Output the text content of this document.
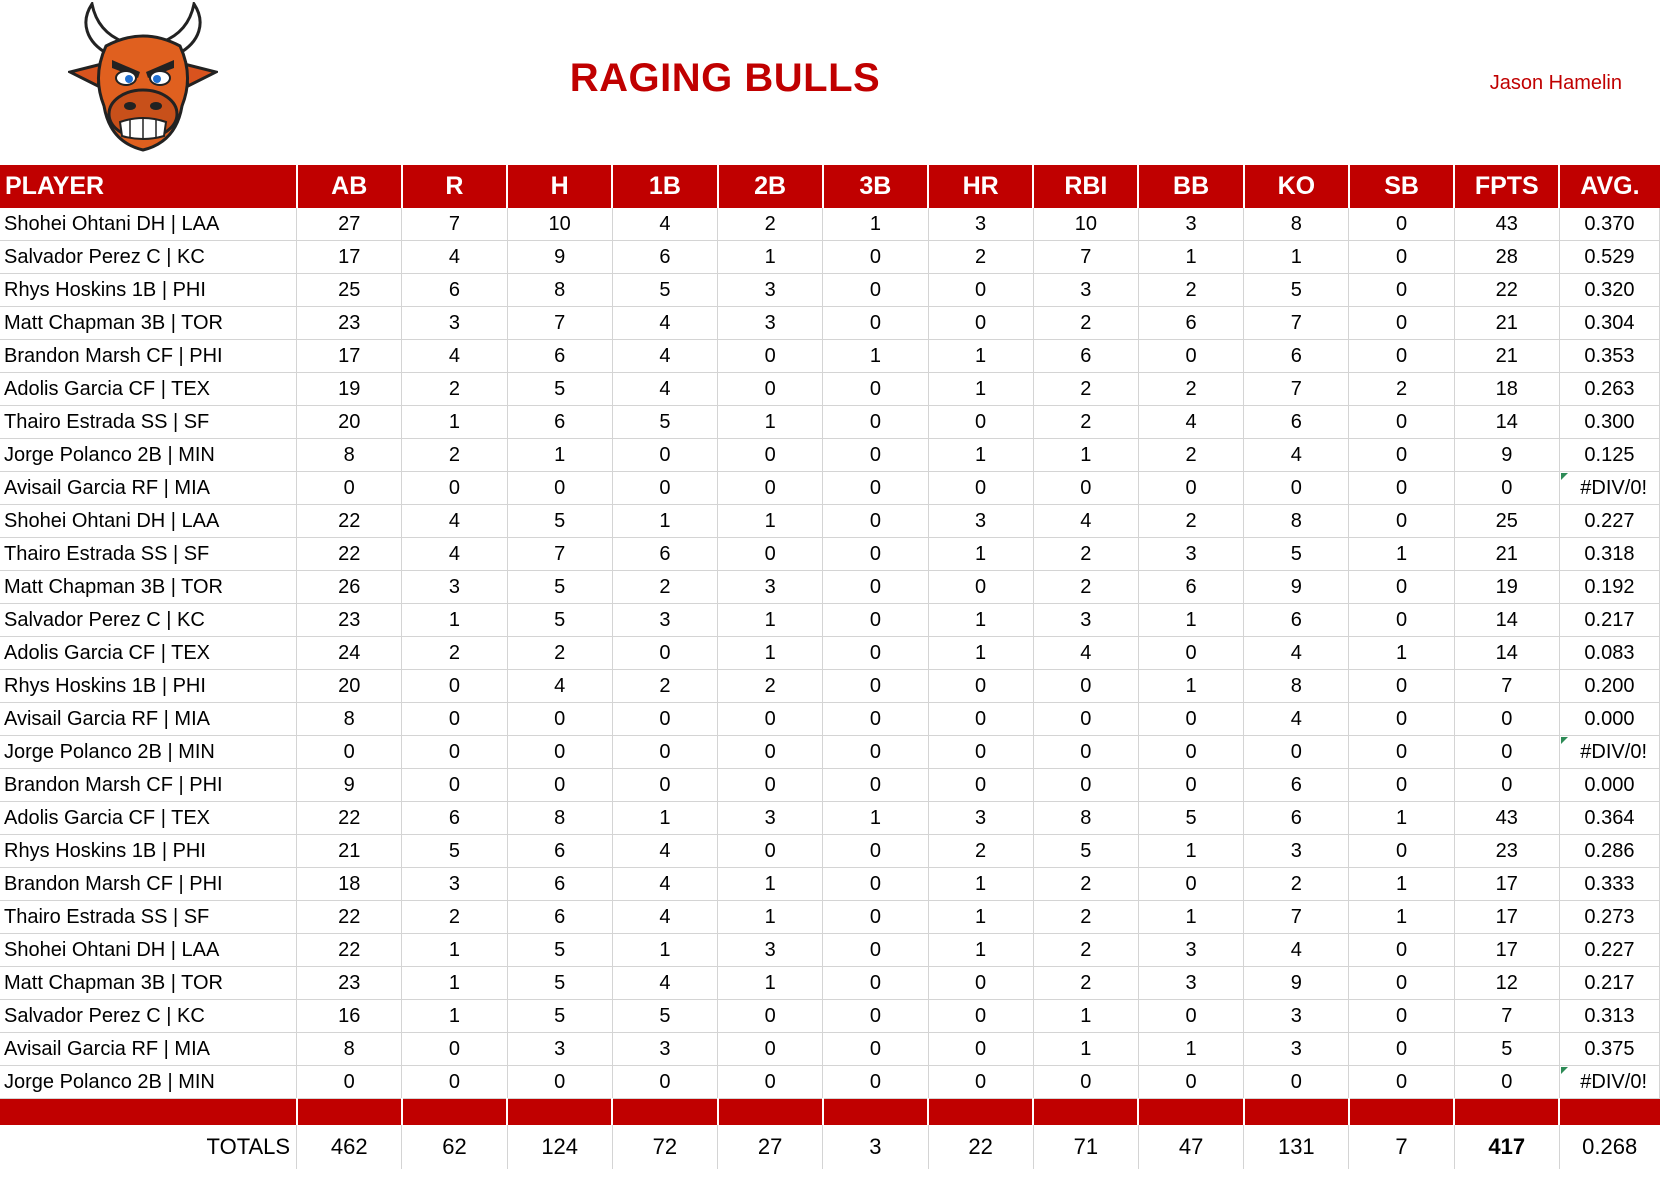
RAGING BULLS	Jason Hamelin
PLAYER	AB	R	H	1B	2B	3B	HR	RBI	BB	KO	SB	FPTS	AVG.
Shohei Ohtani DH | LAA	27	7	10	4	2	1	3	10	3	8	0	43	0.370
Salvador Perez C | KC	17	4	9	6	1	0	2	7	1	1	0	28	0.529
Rhys Hoskins 1B | PHI	25	6	8	5	3	0	0	3	2	5	0	22	0.320
Matt Chapman 3B | TOR	23	3	7	4	3	0	0	2	6	7	0	21	0.304
Brandon Marsh CF | PHI	17	4	6	4	0	1	1	6	0	6	0	21	0.353
Adolis Garcia CF | TEX	19	2	5	4	0	0	1	2	2	7	2	18	0.263
Thairo Estrada SS | SF	20	1	6	5	1	0	0	2	4	6	0	14	0.300
Jorge Polanco 2B | MIN	8	2	1	0	0	0	1	1	2	4	0	9	0.125
Avisail Garcia RF | MIA	0	0	0	0	0	0	0	0	0	0	0	0	#DIV/0!
Shohei Ohtani DH | LAA	22	4	5	1	1	0	3	4	2	8	0	25	0.227
Thairo Estrada SS | SF	22	4	7	6	0	0	1	2	3	5	1	21	0.318
Matt Chapman 3B | TOR	26	3	5	2	3	0	0	2	6	9	0	19	0.192
Salvador Perez C | KC	23	1	5	3	1	0	1	3	1	6	0	14	0.217
Adolis Garcia CF | TEX	24	2	2	0	1	0	1	4	0	4	1	14	0.083
Rhys Hoskins 1B | PHI	20	0	4	2	2	0	0	0	1	8	0	7	0.200
Avisail Garcia RF | MIA	8	0	0	0	0	0	0	0	0	4	0	0	0.000
Jorge Polanco 2B | MIN	0	0	0	0	0	0	0	0	0	0	0	0	#DIV/0!
Brandon Marsh CF | PHI	9	0	0	0	0	0	0	0	0	6	0	0	0.000
Adolis Garcia CF | TEX	22	6	8	1	3	1	3	8	5	6	1	43	0.364
Rhys Hoskins 1B | PHI	21	5	6	4	0	0	2	5	1	3	0	23	0.286
Brandon Marsh CF | PHI	18	3	6	4	1	0	1	2	0	2	1	17	0.333
Thairo Estrada SS | SF	22	2	6	4	1	0	1	2	1	7	1	17	0.273
Shohei Ohtani DH | LAA	22	1	5	1	3	0	1	2	3	4	0	17	0.227
Matt Chapman 3B | TOR	23	1	5	4	1	0	0	2	3	9	0	12	0.217
Salvador Perez C | KC	16	1	5	5	0	0	0	1	0	3	0	7	0.313
Avisail Garcia RF | MIA	8	0	3	3	0	0	0	1	1	3	0	5	0.375
Jorge Polanco 2B | MIN	0	0	0	0	0	0	0	0	0	0	0	0	#DIV/0!

TOTALS	462	62	124	72	27	3	22	71	47	131	7	417	0.268
